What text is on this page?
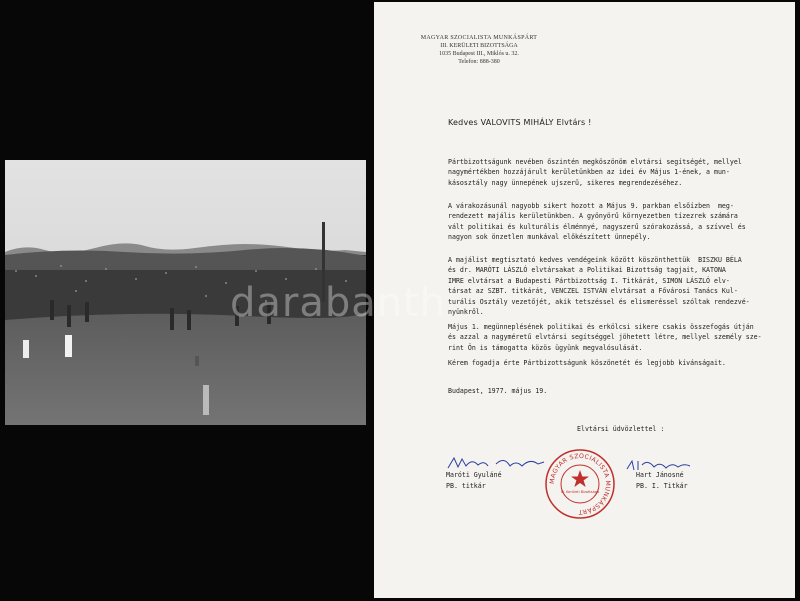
MAGYAR SZOCIALISTA MUNKÁSPÁRT
III. KERÜLETI BIZOTTSÁGA
1035 Budapest III., Miklós u. 32.
Telefon: 888-380
Kedves VALOVITS MIHÁLY Elvtárs !
Pártbizottságunk nevében őszintén megköszönöm elvtársi segítségét, mellyel
nagymértékben hozzájárult kerületünkben az idei év Május 1-ének, a mun-
kásosztály nagy ünnepének ujszerű, sikeres megrendezéséhez.
A várakozásunál nagyobb sikert hozott a Május 9. parkban elsőízben  meg-
rendezett majális kerületünkben. A gyönyörű környezetben tízezrek számára
vált politikai és kulturális élménnyé, nagyszerű szórakozássá, a szívvel és
nagyon sok önzetlen munkával előkészített ünnepély.
A majálist megtisztató kedves vendégeink között köszönthettük  BISZKU BÉLA
és dr. MARÓTI LÁSZLÓ elvtársakat a Politikai Bizottság tagjait, KATONA
IMRE elvtársat a Budapesti Pártbizottság I. Titkárát, SIMON LÁSZLÓ elv-
társat az SZBT. titkárát, VENCZEL ISTVÁN elvtársat a Fővárosi Tanács Kul-
turális Osztály vezetőjét, akik tetszéssel és elismeréssel szóltak rendezvé-
nyünkről.
Május 1. megünneplésének politikai és erkölcsi sikere csakis összefogás útján
és azzal a nagyméretű elvtársi segítséggel jöhetett létre, mellyel személy sze-
rint Ön is támogatta közös ügyünk megvalósulását.
Kérem fogadja érte Pártbizottságunk köszönetét és legjobb kívánságait.
Budapest, 1977. május 19.
Elvtársi üdvözlettel :
Maróti Gyuláné
PB. titkár
Hart Jánosné
PB. I. Titkár
MAGYAR SZOCIALISTA MUNKÁSPÁRT
III. Kerületi Bizottsága
darabanth
